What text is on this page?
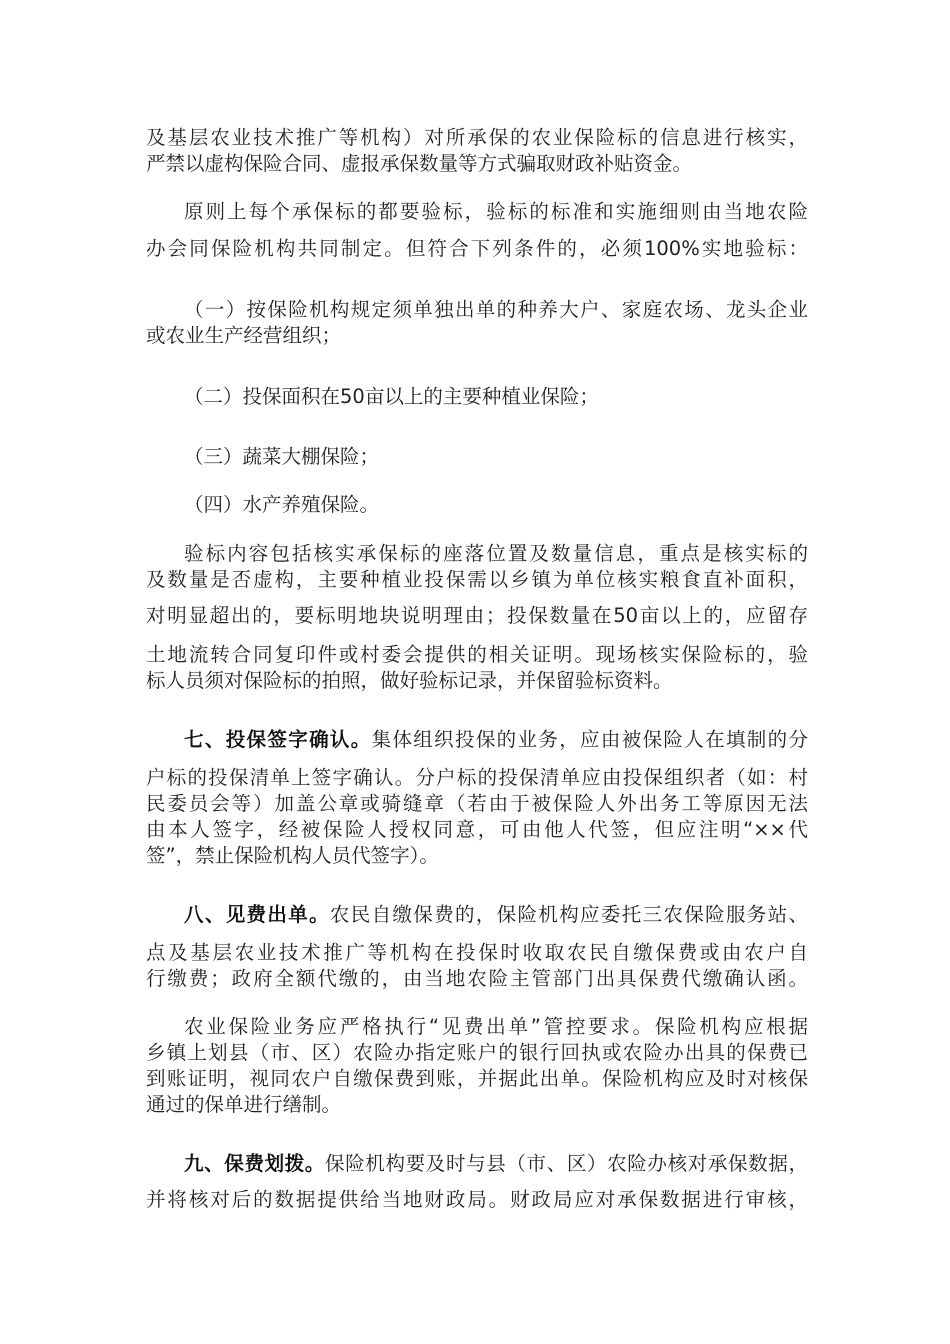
及基层农业技术推广等机构）对所承保的农业保险标的信息进行核实，

严禁以虚构保险合同、虚报承保数量等方式骗取财政补贴资金。

原则上每个承保标的都要验标，验标的标准和实施细则由当地农险

办会同保险机构共同制定。但符合下列条件的，必须100%实地验标：

（一）按保险机构规定须单独出单的种养大户、家庭农场、龙头企业

或农业生产经营组织；

（二）投保面积在50亩以上的主要种植业保险；

（三）蔬菜大棚保险；

（四）水产养殖保险。

验标内容包括核实承保标的座落位置及数量信息，重点是核实标的

及数量是否虚构，主要种植业投保需以乡镇为单位核实粮食直补面积，

对明显超出的，要标明地块说明理由；投保数量在50亩以上的，应留存

土地流转合同复印件或村委会提供的相关证明。现场核实保险标的，验

标人员须对保险标的拍照，做好验标记录，并保留验标资料。

七、投保签字确认。集体组织投保的业务，应由被保险人在填制的分

户标的投保清单上签字确认。分户标的投保清单应由投保组织者（如：村

民委员会等）加盖公章或骑缝章（若由于被保险人外出务工等原因无法

由本人签字，经被保险人授权同意，可由他人代签，但应注明“××代

签”，禁止保险机构人员代签字）。

八、见费出单。农民自缴保费的，保险机构应委托三农保险服务站、

点及基层农业技术推广等机构在投保时收取农民自缴保费或由农户自

行缴费；政府全额代缴的，由当地农险主管部门出具保费代缴确认函。

农业保险业务应严格执行“见费出单”管控要求。保险机构应根据

乡镇上划县（市、区）农险办指定账户的银行回执或农险办出具的保费已

到账证明，视同农户自缴保费到账，并据此出单。保险机构应及时对核保

通过的保单进行缮制。

九、保费划拨。保险机构要及时与县（市、区）农险办核对承保数据，

并将核对后的数据提供给当地财政局。财政局应对承保数据进行审核，
